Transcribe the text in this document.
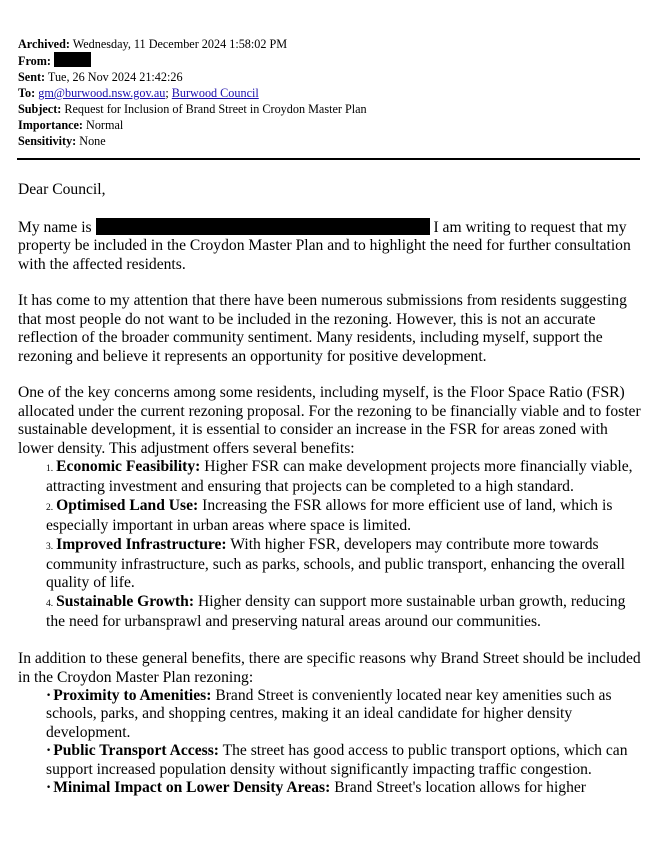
Archived: Wednesday, 11 December 2024 1:58:02 PM
From:
Sent: Tue, 26 Nov 2024 21:42:26
To: gm@burwood.nsw.gov.au; Burwood Council
Subject: Request for Inclusion of Brand Street in Croydon Master Plan
Importance: Normal
Sensitivity: None

Dear Council,

My name is	I am writing to request that my property be included in the Croydon Master Plan and to highlight the need for further consultation with the affected residents.

It has come to my attention that there have been numerous submissions from residents suggesting that most people do not want to be included in the rezoning. However, this is not an accurate reflection of the broader community sentiment. Many residents, including myself, support the rezoning and believe it represents an opportunity for positive development.

One of the key concerns among some residents, including myself, is the Floor Space Ratio (FSR) allocated under the current rezoning proposal. For the rezoning to be financially viable and to foster sustainable development, it is essential to consider an increase in the FSR for areas zoned with lower density. This adjustment offers several benefits:

1. Economic Feasibility: Higher FSR can make development projects more financially viable, attracting investment and ensuring that projects can be completed to a high standard.
2. Optimised Land Use: Increasing the FSR allows for more efficient use of land, which is especially important in urban areas where space is limited.
3. Improved Infrastructure: With higher FSR, developers may contribute more towards community infrastructure, such as parks, schools, and public transport, enhancing the overall quality of life.
4. Sustainable Growth: Higher density can support more sustainable urban growth, reducing the need for urbansprawl and preserving natural areas around our communities.

In addition to these general benefits, there are specific reasons why Brand Street should be included in the Croydon Master Plan rezoning:

· Proximity to Amenities: Brand Street is conveniently located near key amenities such as schools, parks, and shopping centres, making it an ideal candidate for higher density development.
· Public Transport Access: The street has good access to public transport options, which can support increased population density without significantly impacting traffic congestion.
· Minimal Impact on Lower Density Areas: Brand Street's location allows for higher
